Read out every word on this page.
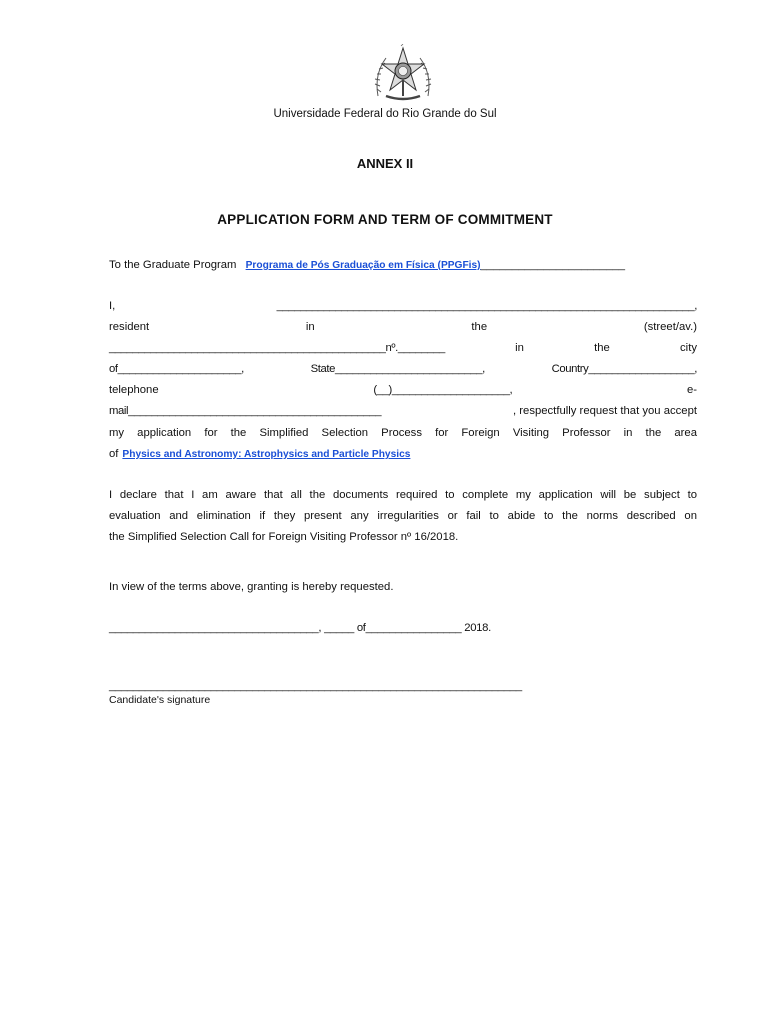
Universidade Federal do Rio Grande do Sul
ANNEX II
APPLICATION FORM AND TERM OF COMMITMENT
To the Graduate Program Programa de Pós Graduação em Física (PPGFis)_______________________
I,	_______________________________________________________________________,
resident	in	the	(street/av.)
_______________________________________________nº.________	in	the	city
of_____________________,	State_________________________,	Country__________________,
telephone	(__)____________________,	e-
mail___________________________________________	, respectfully request that you accept
my application for the Simplified Selection Process for Foreign Visiting Professor in the area
of Physics and Astronomy: Astrophysics and Particle Physics
I declare that I am aware that all the documents required to complete my application will be subject to
evaluation and elimination if they present any irregularities or fail to abide to the norms described on
the Simplified Selection Call for Foreign Visiting Professor nº 16/2018.
In view of the terms above, granting is hereby requested.
___________________________________, _____ of________________ 2018.
_____________________________________________________________________
Candidate's signature
